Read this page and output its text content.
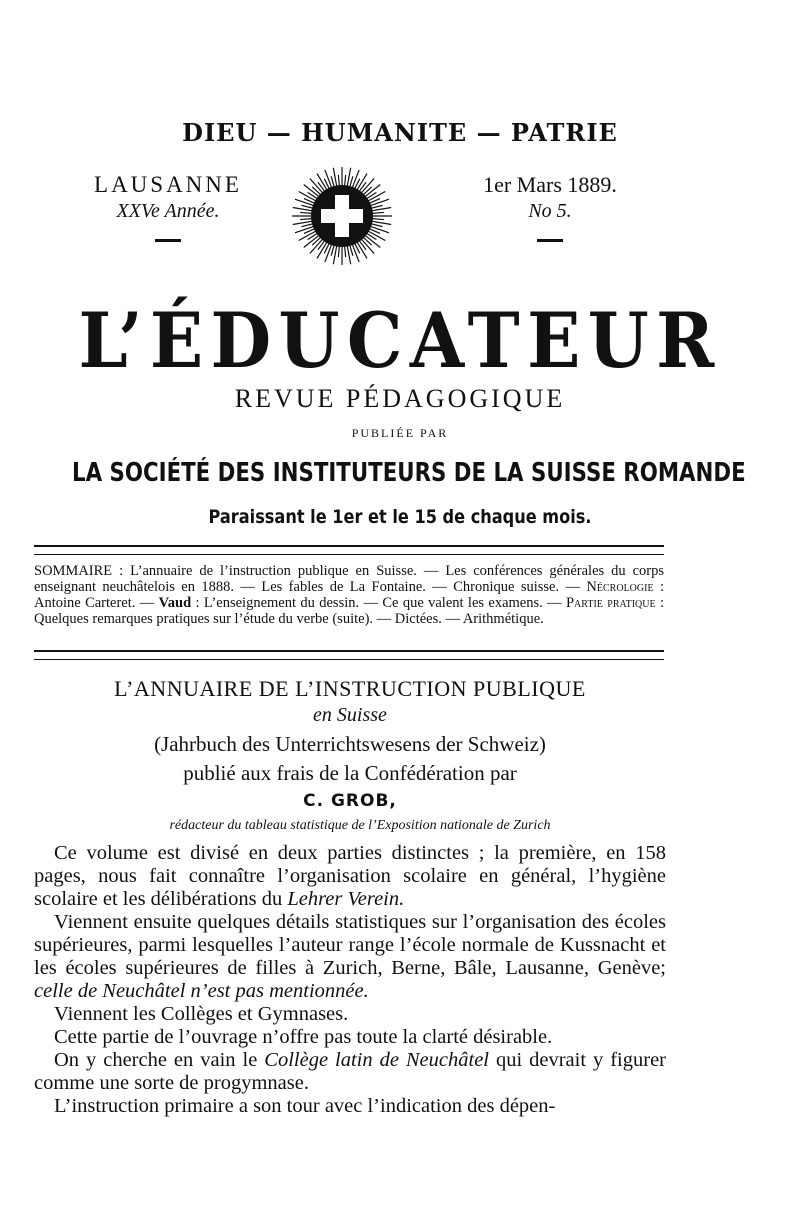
DIEU — HUMANITE — PATRIE
LAUSANNE
XXVe Année.
1er Mars 1889.
No 5.
L’ÉDUCATEUR
REVUE PÉDAGOGIQUE
PUBLIÉE PAR
LA SOCIÉTÉ DES INSTITUTEURS DE LA SUISSE ROMANDE
Paraissant le 1er et le 15 de chaque mois.
SOMMAIRE : L’annuaire de l’instruction publique en Suisse. — Les conférences générales du corps enseignant neuchâtelois en 1888. — Les fables de La Fontaine. — Chronique suisse. — Nécrologie : Antoine Carteret. — Vaud : L’enseignement du dessin. — Ce que valent les examens. — Partie pratique : Quelques remarques pratiques sur l’étude du verbe (suite). — Dictées. — Arithmétique.
L’ANNUAIRE DE L’INSTRUCTION PUBLIQUE
en Suisse
(Jahrbuch des Unterrichtswesens der Schweiz)
publié aux frais de la Confédération par
C. GROB,
rédacteur du tableau statistique de l’Exposition nationale de Zurich

Ce volume est divisé en deux parties distinctes ; la première, en 158 pages, nous fait connaître l’organisation scolaire en général, l’hygiène scolaire et les délibérations du Lehrer Verein.

Viennent ensuite quelques détails statistiques sur l’organisation des écoles supérieures, parmi lesquelles l’auteur range l’école normale de Kussnacht et les écoles supérieures de filles à Zurich, Berne, Bâle, Lausanne, Genève; celle de Neuchâtel n’est pas mentionnée.

Viennent les Collèges et Gymnases.

Cette partie de l’ouvrage n’offre pas toute la clarté désirable.

On y cherche en vain le Collège latin de Neuchâtel qui devrait y figurer comme une sorte de progymnase.

L’instruction primaire a son tour avec l’indication des dépen-
